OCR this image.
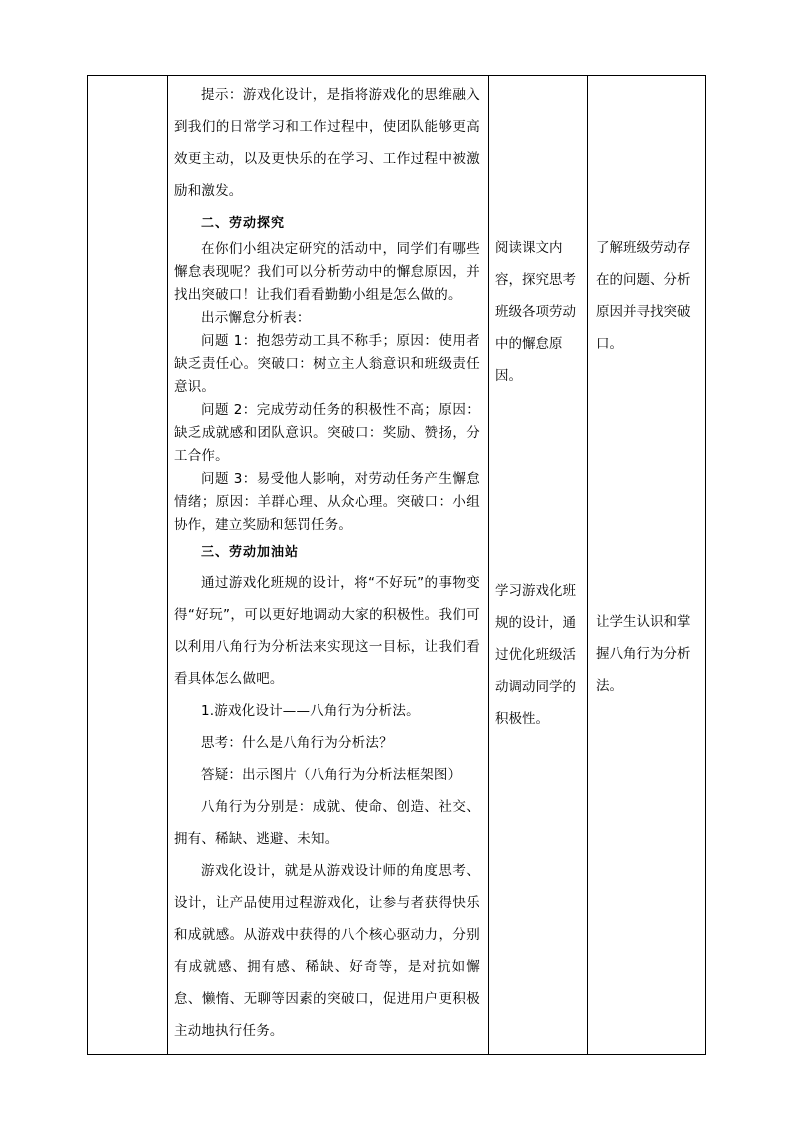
提示：游戏化设计，是指将游戏化的思维融入到我们的日常学习和工作过程中，使团队能够更高效更主动，以及更快乐的在学习、工作过程中被激励和激发。

二、劳动探究

在你们小组决定研究的活动中，同学们有哪些懈怠表现呢？我们可以分析劳动中的懈怠原因，并找出突破口！让我们看看勤勤小组是怎么做的。

出示懈怠分析表：

问题 1：抱怨劳动工具不称手；原因：使用者缺乏责任心。突破口：树立主人翁意识和班级责任意识。

问题 2：完成劳动任务的积极性不高；原因：缺乏成就感和团队意识。突破口：奖励、赞扬，分工合作。

问题 3：易受他人影响，对劳动任务产生懈怠情绪；原因：羊群心理、从众心理。突破口：小组协作，建立奖励和惩罚任务。

三、劳动加油站

通过游戏化班规的设计，将“不好玩”的事物变得“好玩”，可以更好地调动大家的积极性。我们可以利用八角行为分析法来实现这一目标，让我们看看具体怎么做吧。

1.游戏化设计——八角行为分析法。

思考：什么是八角行为分析法？

答疑：出示图片（八角行为分析法框架图）

八角行为分别是：成就、使命、创造、社交、拥有、稀缺、逃避、未知。

游戏化设计，就是从游戏设计师的角度思考、设计，让产品使用过程游戏化，让参与者获得快乐和成就感。从游戏中获得的八个核心驱动力，分别有成就感、拥有感、稀缺、好奇等，是对抗如懈怠、懒惰、无聊等因素的突破口，促进用户更积极主动地执行任务。

阅读课文内容，探究思考班级各项劳动中的懈怠原因。

学习游戏化班规的设计，通过优化班级活动调动同学的积极性。

了解班级劳动存在的问题、分析原因并寻找突破口。

让学生认识和掌握八角行为分析法。
